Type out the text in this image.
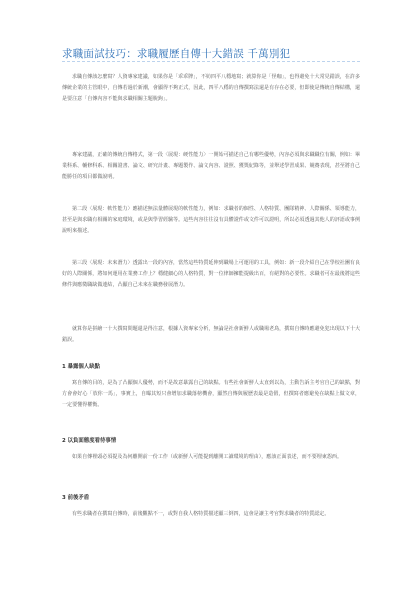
求職面試技巧：求職履歷自傳十大錯誤 千萬別犯
求職自傳該怎麼寫？人資專家建議，如果你是「乖乖牌」，不妨四平八穩地寫；就算你是「怪咖」，也得避免十大常見錯誤，在許多傳統企業的主管眼中，自傳若過於新潮，會顯得不夠正式，因此，四平八穩的自傳撰寫法還是有存在必要，但即使是傳統自傳結構，還是要注意「自傳內容不能與求職相關主題脫鉤」。
專家建議，正確的傳統自傳格式，第一段〈展現：硬性能力〉一開始可描述自己有哪些優勢，內容必須與求職職位有關，例如：畢業科系、輔修科系、相關證書、論文、研究計畫、專題製作、論文內容、證照、獲獎紀錄等，並舉述學習成果、競賽表現，甚至將自己能勝任的項目都做說明。
第二段〈展現：軟性能力〉應描述無法量體展現的軟性能力，例如：求職者的個性、人格特質、團隊精神、人際關係、領導能力，甚至是與求職有相關的家庭環境，或是與學習經驗等。這些內容往往沒有具體證件或文件可以證明，所以必須透過其他人的評語或事例說明來描述。
第三段〈展現：未來潛力〉透露出一段的內容，當然這些特質延伸到職場上可運用的工具，例如：新一段介紹自己在學校社團有良好的人際關係，將如何運用在業務工作上？穩健細心的人格特質，對一位律師擁能提級出百，有絕對的必要性。求職者可在最後將這些條件與應徵職缺做連結，凸顯自己未來在職務發展潛力。
就算你是拼繪一十大撰寫問題還是得注意，根據人資專家分析，無論是社會新鮮人或職場老鳥，撰寫自傳時應避免犯出現以下十大錯誤。
1 暴露個人缺點
寫自傳的目的，是為了凸顯個人優勢，而不是故意暴露自己的缺點。有些社會新鮮人太直到以為，主動告訴主考官自己的缺點，對方會會好心「放你一馬」，事實上，自曝其短只會增加求職落榜機會，顯然自傳與履歷表最是造假，但撰寫者應避免在缺點上做文章，一定要懂得權衡。
2 以負面態度看待事情
如果自傳裡頭必須提及為何離開前一份工作（或新鮮人可能提到離開工讀環境的理由），應該正面表述，而不要埋東怨西。
3 前後矛盾
有些求職者在撰寫自傳時，前後觀點不一，或對自我人格特質描述顯三倒四，這會是讓主考官對求職者的特質認定。
